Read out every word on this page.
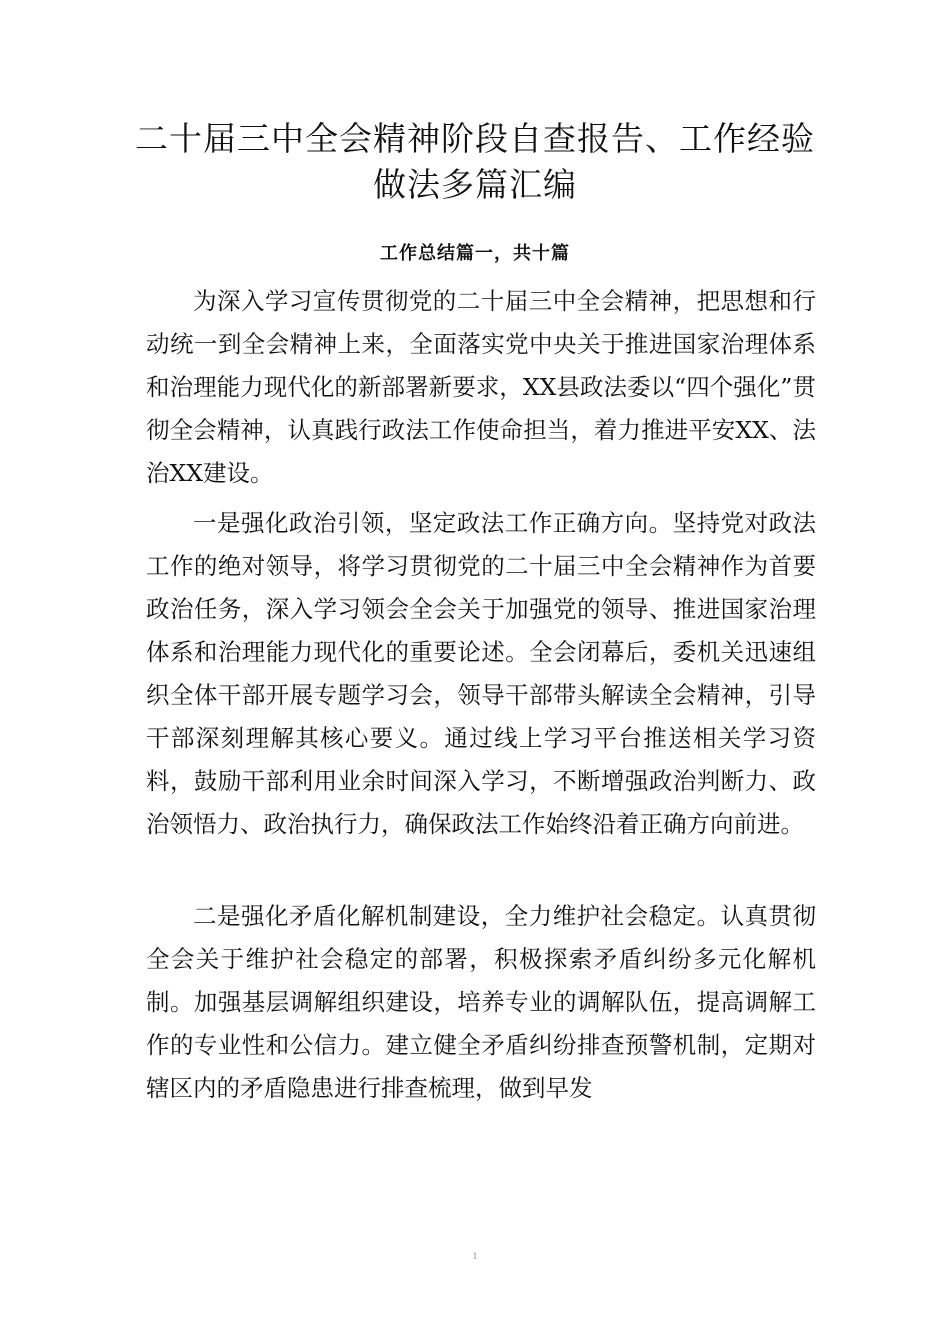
二十届三中全会精神阶段自查报告、工作经验做法多篇汇编
工作总结篇一，共十篇

为深入学习宣传贯彻党的二十届三中全会精神，把思想和行动统一到全会精神上来，全面落实党中央关于推进国家治理体系和治理能力现代化的新部署新要求，XX县政法委以“四个强化”贯彻全会精神，认真践行政法工作使命担当，着力推进平安XX、法 治XX建设。

一是强化政治引领，坚定政法工作正确方向。坚持党对政法工作的绝对领导，将学习贯彻党的二十届三中全会精神作为首要政治任务，深入学习领会全会关于加强党的领导、推进国家治理体系和治理能力现代化的重要论述。全会闭幕后，委机关迅速组织全体干部开展专题学习会，领导干部带头解读全会精神，引导干部深刻理解其核心要义。通过线上学习平台推送相关学习资料，鼓励干部利用业余时间深入学习，不断增强政治判断力、政治领悟力、政治执行力，确保政法工作始终沿着正确方向前进。

二是强化矛盾化解机制建设，全力维护社会稳定。认真贯彻全会关于维护社会稳定的部署，积极探索矛盾纠纷多元化解机制。加强基层调解组织建设，培养专业的调解队伍，提高调解工作的专业性和公信力。建立健全矛盾纠纷排查预警机制，定期对辖区内的矛盾隐患进行排查梳理，做到早发

1
